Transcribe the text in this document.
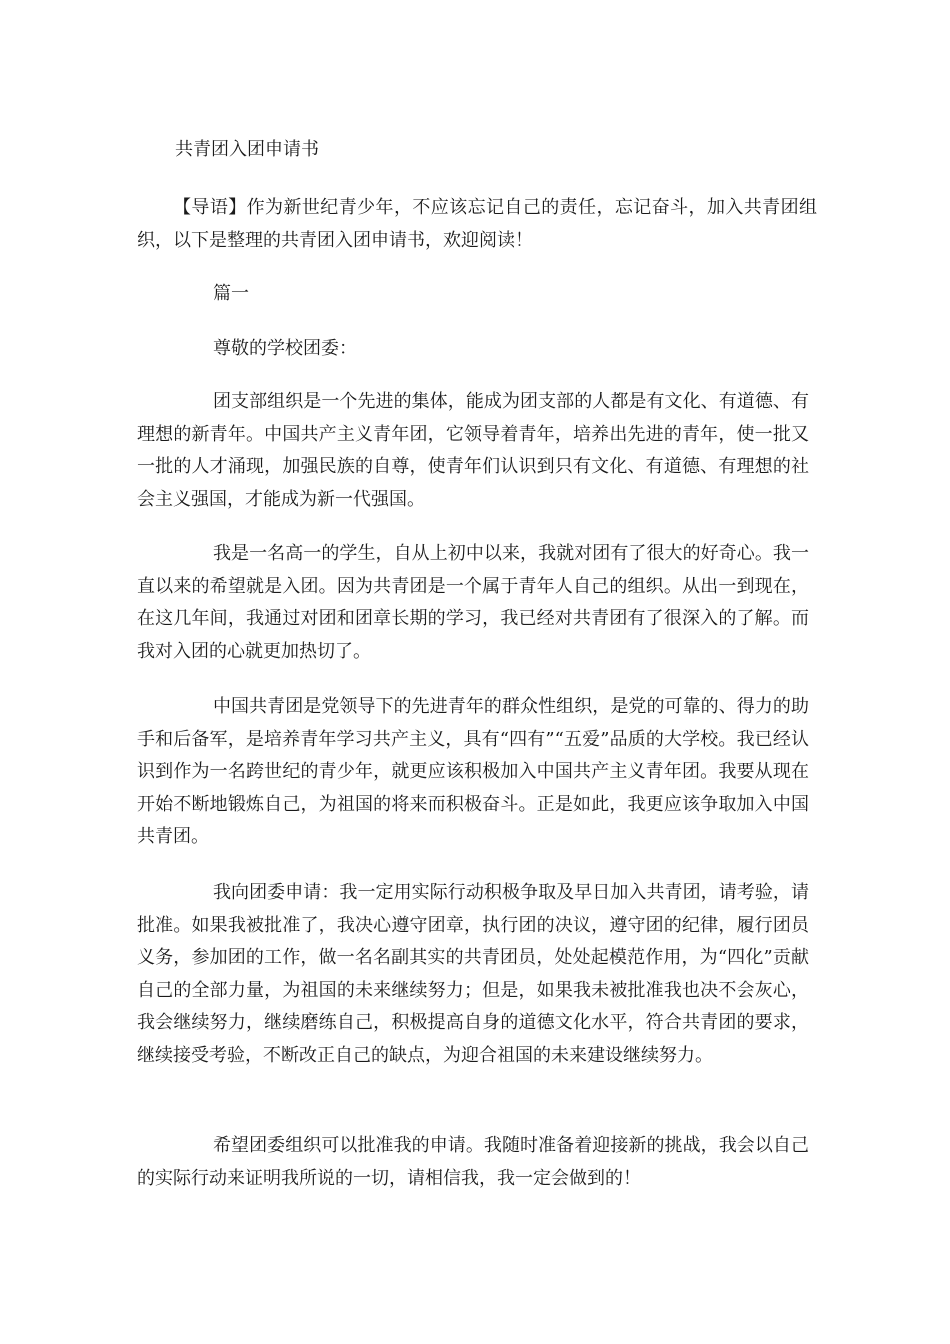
共青团入团申请书

【导语】作为新世纪青少年，不应该忘记自己的责任，忘记奋斗，加入共青团组织，以下是整理的共青团入团申请书，欢迎阅读！

篇一

尊敬的学校团委：

团支部组织是一个先进的集体，能成为团支部的人都是有文化、有道德、有理想的新青年。中国共产主义青年团，它领导着青年，培养出先进的青年，使一批又一批的人才涌现，加强民族的自尊，使青年们认识到只有文化、有道德、有理想的社会主义强国，才能成为新一代强国。

我是一名高一的学生，自从上初中以来，我就对团有了很大的好奇心。我一直以来的希望就是入团。因为共青团是一个属于青年人自己的组织。从出一到现在，在这几年间，我通过对团和团章长期的学习，我已经对共青团有了很深入的了解。而我对入团的心就更加热切了。

中国共青团是党领导下的先进青年的群众性组织，是党的可靠的、得力的助手和后备军，是培养青年学习共产主义，具有“四有”“五爱”品质的大学校。我已经认识到作为一名跨世纪的青少年，就更应该积极加入中国共产主义青年团。我要从现在开始不断地锻炼自己，为祖国的将来而积极奋斗。正是如此，我更应该争取加入中国共青团。

我向团委申请：我一定用实际行动积极争取及早日加入共青团，请考验，请批准。如果我被批准了，我决心遵守团章，执行团的决议，遵守团的纪律，履行团员义务，参加团的工作，做一名名副其实的共青团员，处处起模范作用，为“四化”贡献自己的全部力量，为祖国的未来继续努力；但是，如果我未被批准我也决不会灰心，我会继续努力，继续磨练自己，积极提高自身的道德文化水平，符合共青团的要求，继续接受考验，不断改正自己的缺点，为迎合祖国的未来建设继续努力。

希望团委组织可以批准我的申请。我随时准备着迎接新的挑战，我会以自己的实际行动来证明我所说的一切，请相信我，我一定会做到的！
